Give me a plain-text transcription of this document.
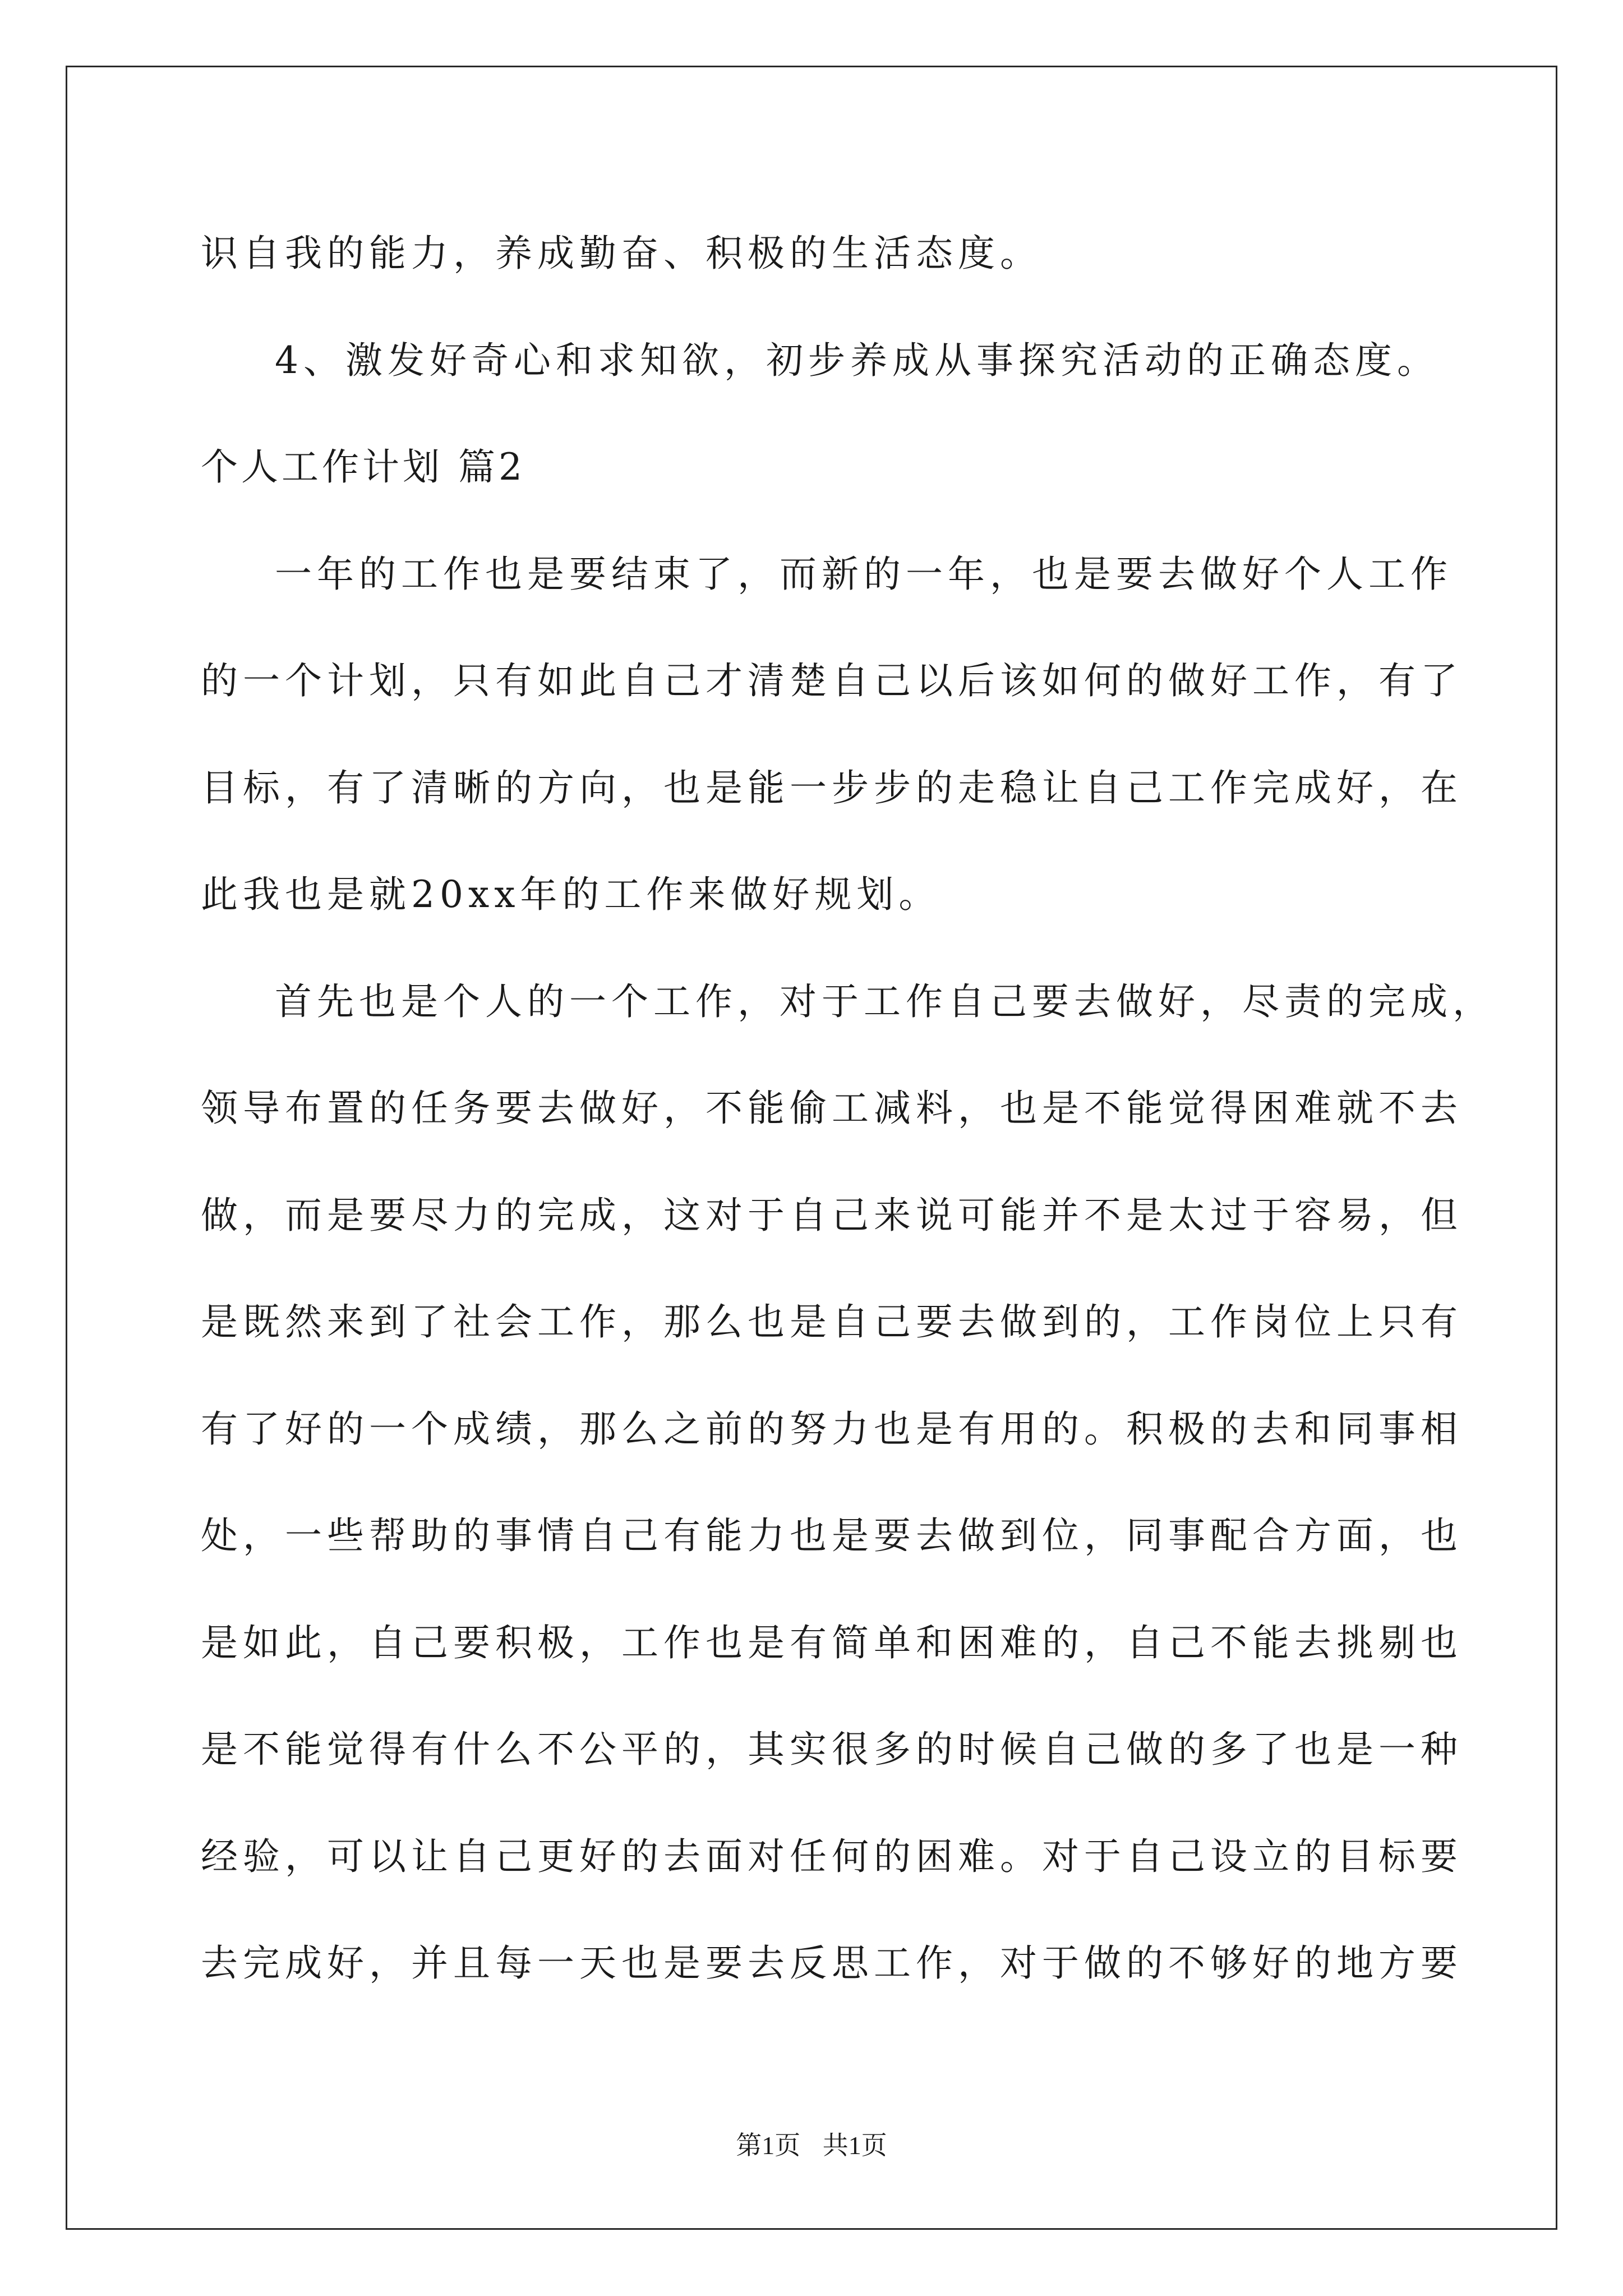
识自我的能力，养成勤奋、积极的生活态度。
4、激发好奇心和求知欲，初步养成从事探究活动的正确态度。
个人工作计划 篇2
一年的工作也是要结束了，而新的一年，也是要去做好个人工作
的一个计划，只有如此自己才清楚自己以后该如何的做好工作，有了
目标，有了清晰的方向，也是能一步步的走稳让自己工作完成好，在
此我也是就20xx年的工作来做好规划。
首先也是个人的一个工作，对于工作自己要去做好，尽责的完成，
领导布置的任务要去做好，不能偷工减料，也是不能觉得困难就不去
做，而是要尽力的完成，这对于自己来说可能并不是太过于容易，但
是既然来到了社会工作，那么也是自己要去做到的，工作岗位上只有
有了好的一个成绩，那么之前的努力也是有用的。积极的去和同事相
处，一些帮助的事情自己有能力也是要去做到位，同事配合方面，也
是如此，自己要积极，工作也是有简单和困难的，自己不能去挑剔也
是不能觉得有什么不公平的，其实很多的时候自己做的多了也是一种
经验，可以让自己更好的去面对任何的困难。对于自己设立的目标要
去完成好，并且每一天也是要去反思工作，对于做的不够好的地方要
第1页 共1页
